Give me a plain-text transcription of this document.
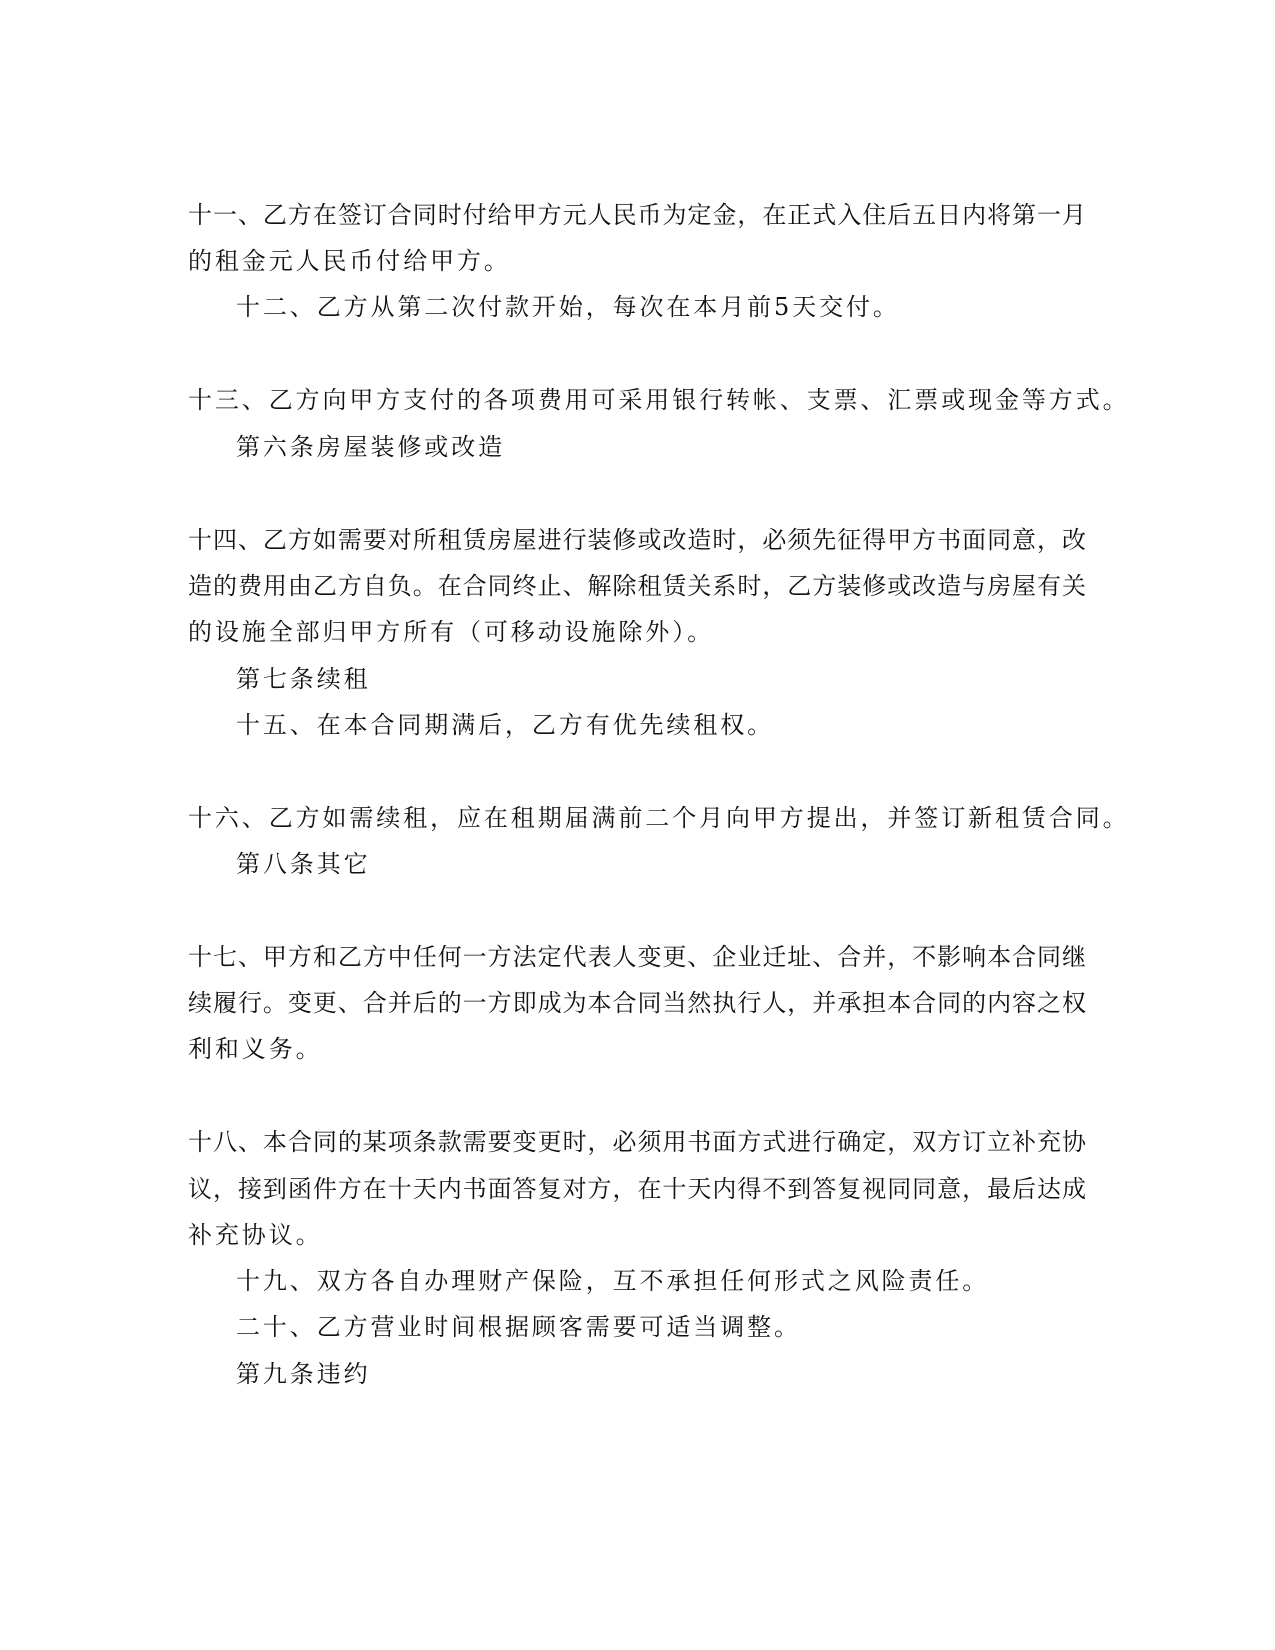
十一、乙方在签订合同时付给甲方元人民币为定金，在正式入住后五日内将第一月
的租金元人民币付给甲方。
十二、乙方从第二次付款开始，每次在本月前5天交付。
十三、乙方向甲方支付的各项费用可采用银行转帐、支票、汇票或现金等方式。
第六条房屋装修或改造
十四、乙方如需要对所租赁房屋进行装修或改造时，必须先征得甲方书面同意，改
造的费用由乙方自负。在合同终止、解除租赁关系时，乙方装修或改造与房屋有关
的设施全部归甲方所有（可移动设施除外）。
第七条续租
十五、在本合同期满后，乙方有优先续租权。
十六、乙方如需续租，应在租期届满前二个月向甲方提出，并签订新租赁合同。
第八条其它
十七、甲方和乙方中任何一方法定代表人变更、企业迁址、合并，不影响本合同继
续履行。变更、合并后的一方即成为本合同当然执行人，并承担本合同的内容之权
利和义务。
十八、本合同的某项条款需要变更时，必须用书面方式进行确定，双方订立补充协
议，接到函件方在十天内书面答复对方，在十天内得不到答复视同同意，最后达成
补充协议。
十九、双方各自办理财产保险，互不承担任何形式之风险责任。
二十、乙方营业时间根据顾客需要可适当调整。
第九条违约
